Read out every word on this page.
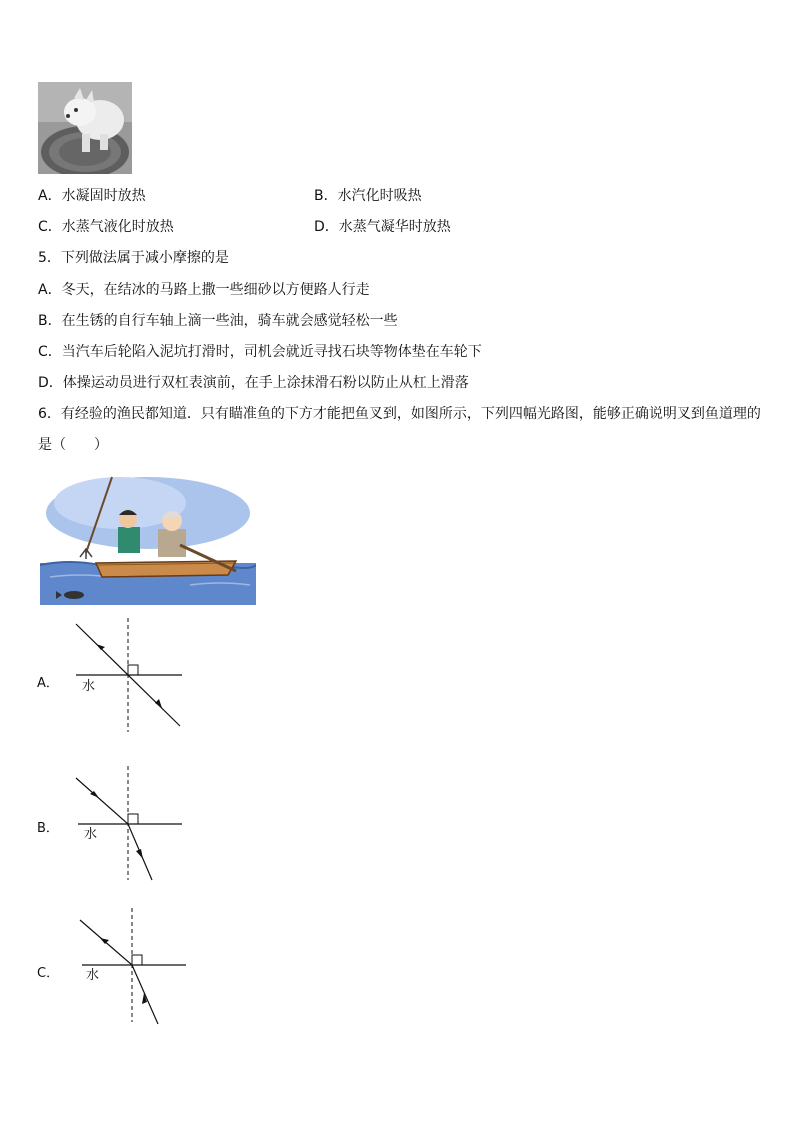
A．水凝固时放热	B．水汽化时吸热
C．水蒸气液化时放热	D．水蒸气凝华时放热
5．下列做法属于减小摩擦的是
A．冬天，在结冰的马路上撒一些细砂以方便路人行走
B．在生锈的自行车轴上滴一些油，骑车就会感觉轻松一些
C．当汽车后轮陷入泥坑打滑时，司机会就近寻找石块等物体垫在车轮下
D．体操运动员进行双杠表演前，在手上涂抹滑石粉以防止从杠上滑落
6．有经验的渔民都知道．只有瞄准鱼的下方才能把鱼叉到，如图所示，下列四幅光路图，能够正确说明叉到鱼道理的
是（　　）
A． 水
B． 水
C． 水
